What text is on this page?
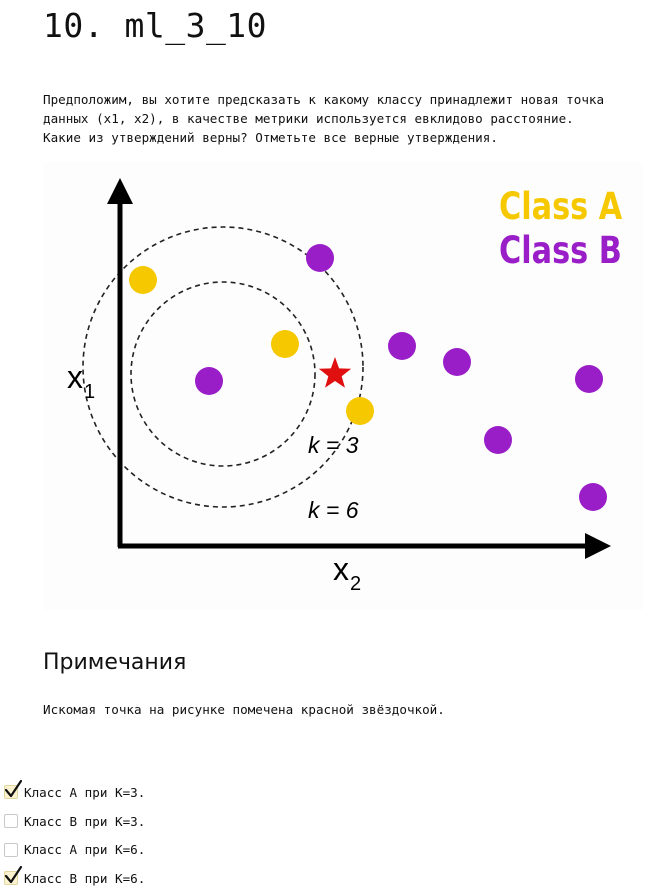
10. ml_3_10
Предположим, вы хотите предсказать к какому классу принадлежит новая точка
данных (x1, x2), в качестве метрики используется евклидово расстояние.
Какие из утверждений верны? Отметьте все верные утверждения.
$x_1$
$x_2$
k = 3
k = 6
Class A
Class B
Примечания
Искомая точка на рисунке помечена красной звёздочкой.
Класс A при K=3.
Класс B при K=3.
Класс A при K=6.
Класс B при K=6.
